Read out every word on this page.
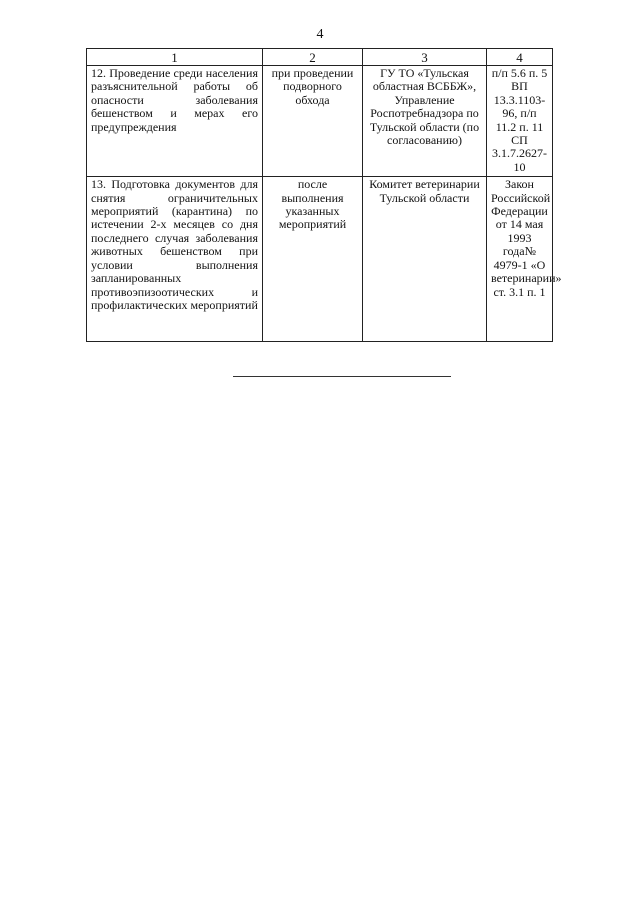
4
1	2	3	4
12. Проведение среди населения разъяснительной работы об опасности заболевания бешенством и мерах его предупреждения	при проведении подворного обхода	ГУ ТО «Тульская областная ВСББЖ», Управление Роспотребнадзора по Тульской области (по согласованию)	п/п 5.6 п. 5 ВП 13.3.1103-96, п/п 11.2 п. 11 СП 3.1.7.2627-10
13. Подготовка документов для снятия ограничительных мероприятий (карантина) по истечении 2-х месяцев со дня последнего случая заболевания животных бешенством при условии выполнения запланированных противоэпизоотических и профилактических мероприятий	после выполнения указанных мероприятий	Комитет ветеринарии Тульской области	Закон Российской Федерации от 14 мая 1993 года№ 4979-1 «О ветеринарии» ст. 3.1 п. 1
